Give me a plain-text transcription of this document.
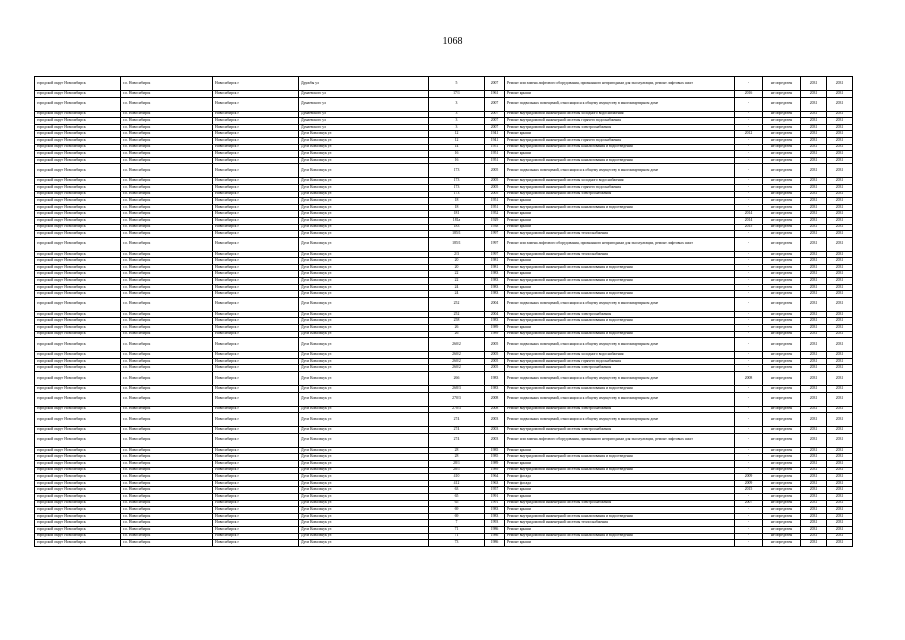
1068
городской округ Новосибирск	г.о. Новосибирск	Новосибирск г	Дружбы ул	5	2007	Ремонт или замена лифтового оборудования, признанного непригодным для эксплуатации, ремонт лифтовых шахт	-	не определен	2031	2031
городской округ Новосибирск	г.о. Новосибирск	Новосибирск г	Дунаевского ул	17/1	1961	Ремонт крыши	2016	не определен	2031	2031
городской округ Новосибирск	г.о. Новосибирск	Новосибирск г	Дунаевского ул	3	2007	Ремонт подвальных помещений, относящихся к общему имуществу в многоквартирном доме	-	не определен	2031	2031
городской округ Новосибирск	г.о. Новосибирск	Новосибирск г	Дунаевского ул	3	2007	Ремонт внутридомовой инженерной системы холодного водоснабжения	-	не определен	2031	2031
городской округ Новосибирск	г.о. Новосибирск	Новосибирск г	Дунаевского ул	3	2007	Ремонт внутридомовой инженерной системы горячего водоснабжения	-	не определен	2031	2031
городской округ Новосибирск	г.о. Новосибирск	Новосибирск г	Дунаевского ул	3	2007	Ремонт внутридомовой инженерной системы электроснабжения	-	не определен	2031	2031
городской округ Новосибирск	г.о. Новосибирск	Новосибирск г	Дуси Ковальчук ул	12	1941	Ремонт крыши	2012	не определен	2031	2031
городской округ Новосибирск	г.о. Новосибирск	Новосибирск г	Дуси Ковальчук ул	12	1941	Ремонт внутридомовой инженерной системы горячего водоснабжения	-	не определен	2031	2031
городской округ Новосибирск	г.о. Новосибирск	Новосибирск г	Дуси Ковальчук ул	14	1951	Ремонт внутридомовой инженерной системы канализования и водоотведения	-	не определен	2031	2031
городской округ Новосибирск	г.о. Новосибирск	Новосибирск г	Дуси Ковальчук ул	16	1951	Ремонт крыши	-	не определен	2031	2031
городской округ Новосибирск	г.о. Новосибирск	Новосибирск г	Дуси Ковальчук ул	16	1951	Ремонт внутридомовой инженерной системы канализования и водоотведения	-	не определен	2031	2031
городской округ Новосибирск	г.о. Новосибирск	Новосибирск г	Дуси Ковальчук ул	173	2005	Ремонт подвальных помещений, относящихся к общему имуществу в многоквартирном доме	-	не определен	2031	2031
городской округ Новосибирск	г.о. Новосибирск	Новосибирск г	Дуси Ковальчук ул	173	2005	Ремонт внутридомовой инженерной системы холодного водоснабжения	-	не определен	2031	2031
городской округ Новосибирск	г.о. Новосибирск	Новосибирск г	Дуси Ковальчук ул	173	2005	Ремонт внутридомовой инженерной системы горячего водоснабжения	-	не определен	2031	2031
городской округ Новосибирск	г.о. Новосибирск	Новосибирск г	Дуси Ковальчук ул	173	2005	Ремонт внутридомовой инженерной системы электроснабжения	-	не определен	2031	2031
городской округ Новосибирск	г.о. Новосибирск	Новосибирск г	Дуси Ковальчук ул	18	1951	Ремонт крыши	-	не определен	2031	2031
городской округ Новосибирск	г.о. Новосибирск	Новосибирск г	Дуси Ковальчук ул	18	1951	Ремонт внутридомовой инженерной системы канализования и водоотведения	-	не определен	2031	2031
городской округ Новосибирск	г.о. Новосибирск	Новосибирск г	Дуси Ковальчук ул	181	1952	Ремонт крыши	2014	не определен	2031	2031
городской округ Новосибирск	г.о. Новосибирск	Новосибирск г	Дуси Ковальчук ул	181а	1929	Ремонт крыши	2014	не определен	2031	2031
городской округ Новосибирск	г.о. Новосибирск	Новосибирск г	Дуси Ковальчук ул	183	1938	Ремонт крыши	2015	не определен	2031	2031
городской округ Новосибирск	г.о. Новосибирск	Новосибирск г	Дуси Ковальчук ул	185/1	1997	Ремонт внутридомовой инженерной системы теплоснабжения	-	не определен	2031	2031
городской округ Новосибирск	г.о. Новосибирск	Новосибирск г	Дуси Ковальчук ул	185/1	1997	Ремонт или замена лифтового оборудования, признанного непригодным для эксплуатации, ремонт лифтовых шахт	-	не определен	2031	2031
городской округ Новосибирск	г.о. Новосибирск	Новосибирск г	Дуси Ковальчук ул	2/3	1997	Ремонт внутридомовой инженерной системы теплоснабжения	-	не определен	2031	2031
городской округ Новосибирск	г.о. Новосибирск	Новосибирск г	Дуси Ковальчук ул	20	1981	Ремонт крыши	-	не определен	2031	2031
городской округ Новосибирск	г.о. Новосибирск	Новосибирск г	Дуси Ковальчук ул	20	1981	Ремонт внутридомовой инженерной системы канализования и водоотведения	-	не определен	2031	2031
городской округ Новосибирск	г.о. Новосибирск	Новосибирск г	Дуси Ковальчук ул	22	1983	Ремонт крыши	-	не определен	2031	2031
городской округ Новосибирск	г.о. Новосибирск	Новосибирск г	Дуси Ковальчук ул	22	1983	Ремонт внутридомовой инженерной системы канализования и водоотведения	-	не определен	2031	2031
городской округ Новосибирск	г.о. Новосибирск	Новосибирск г	Дуси Ковальчук ул	24	1983	Ремонт крыши	-	не определен	2031	2031
городской округ Новосибирск	г.о. Новосибирск	Новосибирск г	Дуси Ковальчук ул	24	1983	Ремонт внутридомовой инженерной системы канализования и водоотведения	-	не определен	2031	2031
городской округ Новосибирск	г.о. Новосибирск	Новосибирск г	Дуси Ковальчук ул	252	2004	Ремонт подвальных помещений, относящихся к общему имуществу в многоквартирном доме	-	не определен	2031	2031
городской округ Новосибирск	г.о. Новосибирск	Новосибирск г	Дуси Ковальчук ул	252	2004	Ремонт внутридомовой инженерной системы электроснабжения	-	не определен	2031	2031
городской округ Новосибирск	г.о. Новосибирск	Новосибирск г	Дуси Ковальчук ул	258	1983	Ремонт внутридомовой инженерной системы канализования и водоотведения	-	не определен	2031	2031
городской округ Новосибирск	г.о. Новосибирск	Новосибирск г	Дуси Ковальчук ул	26	1989	Ремонт крыши	-	не определен	2031	2031
городской округ Новосибирск	г.о. Новосибирск	Новосибирск г	Дуси Ковальчук ул	26	1989	Ремонт внутридомовой инженерной системы канализования и водоотведения	-	не определен	2031	2031
городской округ Новосибирск	г.о. Новосибирск	Новосибирск г	Дуси Ковальчук ул	260/2	2005	Ремонт подвальных помещений, относящихся к общему имуществу в многоквартирном доме	-	не определен	2031	2031
городской округ Новосибирск	г.о. Новосибирск	Новосибирск г	Дуси Ковальчук ул	260/2	2005	Ремонт внутридомовой инженерной системы холодного водоснабжения	-	не определен	2031	2031
городской округ Новосибирск	г.о. Новосибирск	Новосибирск г	Дуси Ковальчук ул	260/2	2005	Ремонт внутридомовой инженерной системы горячего водоснабжения	-	не определен	2031	2031
городской округ Новосибирск	г.о. Новосибирск	Новосибирск г	Дуси Ковальчук ул	260/2	2005	Ремонт внутридомовой инженерной системы электроснабжения	-	не определен	2031	2031
городской округ Новосибирск	г.о. Новосибирск	Новосибирск г	Дуси Ковальчук ул	266	1983	Ремонт подвальных помещений, относящихся к общему имуществу в многоквартирном доме	2008	не определен	2031	2031
городской округ Новосибирск	г.о. Новосибирск	Новосибирск г	Дуси Ковальчук ул	268/3	1983	Ремонт внутридомовой инженерной системы канализования и водоотведения	-	не определен	2031	2031
городской округ Новосибирск	г.о. Новосибирск	Новосибирск г	Дуси Ковальчук ул	270/3	2008	Ремонт подвальных помещений, относящихся к общему имуществу в многоквартирном доме	-	не определен	2031	2031
городской округ Новосибирск	г.о. Новосибирск	Новосибирск г	Дуси Ковальчук ул	270/3	2008	Ремонт внутридомовой инженерной системы электроснабжения	-	не определен	2031	2031
городской округ Новосибирск	г.о. Новосибирск	Новосибирск г	Дуси Ковальчук ул	274	2003	Ремонт подвальных помещений, относящихся к общему имуществу в многоквартирном доме	-	не определен	2031	2031
городской округ Новосибирск	г.о. Новосибирск	Новосибирск г	Дуси Ковальчук ул	274	2003	Ремонт внутридомовой инженерной системы электроснабжения	-	не определен	2031	2031
городской округ Новосибирск	г.о. Новосибирск	Новосибирск г	Дуси Ковальчук ул	274	2003	Ремонт или замена лифтового оборудования, признанного непригодным для эксплуатации, ремонт лифтовых шахт	-	не определен	2031	2031
городской округ Новосибирск	г.о. Новосибирск	Новосибирск г	Дуси Ковальчук ул	28	1985	Ремонт крыши	-	не определен	2031	2031
городской округ Новосибирск	г.о. Новосибирск	Новосибирск г	Дуси Ковальчук ул	28	1985	Ремонт внутридомовой инженерной системы канализования и водоотведения	-	не определен	2031	2031
городской округ Новосибирск	г.о. Новосибирск	Новосибирск г	Дуси Ковальчук ул	28/1	1989	Ремонт крыши	-	не определен	2031	2031
городской округ Новосибирск	г.о. Новосибирск	Новосибирск г	Дуси Ковальчук ул	28/1	1989	Ремонт внутридомовой инженерной системы канализования и водоотведения	-	не определен	2031	2031
городской округ Новосибирск	г.о. Новосибирск	Новосибирск г	Дуси Ковальчук ул	410	1964	Ремонт фасада	2009	не определен	2031	2031
городской округ Новосибирск	г.о. Новосибирск	Новосибирск г	Дуси Ковальчук ул	412	1963	Ремонт фасада	2009	не определен	2031	2031
городской округ Новосибирск	г.о. Новосибирск	Новосибирск г	Дуси Ковальчук ул	63	1957	Ремонт крыши	2015	не определен	2031	2031
городской округ Новосибирск	г.о. Новосибирск	Новосибирск г	Дуси Ковальчук ул	65	1991	Ремонт крыши	-	не определен	2031	2031
городской округ Новосибирск	г.о. Новосибирск	Новосибирск г	Дуси Ковальчук ул	65	1991	Ремонт внутридомовой инженерной системы электроснабжения	2007	не определен	2031	2031
городской округ Новосибирск	г.о. Новосибирск	Новосибирск г	Дуси Ковальчук ул	69	1983	Ремонт крыши	-	не определен	2031	2031
городской округ Новосибирск	г.о. Новосибирск	Новосибирск г	Дуси Ковальчук ул	69	1983	Ремонт внутридомовой инженерной системы канализования и водоотведения	-	не определен	2031	2031
городской округ Новосибирск	г.о. Новосибирск	Новосибирск г	Дуси Ковальчук ул	7	1993	Ремонт внутридомовой инженерной системы теплоснабжения	-	не определен	2031	2031
городской округ Новосибирск	г.о. Новосибирск	Новосибирск г	Дуси Ковальчук ул	71	1986	Ремонт крыши	-	не определен	2031	2031
городской округ Новосибирск	г.о. Новосибирск	Новосибирск г	Дуси Ковальчук ул	71	1986	Ремонт внутридомовой инженерной системы канализования и водоотведения	-	не определен	2031	2031
городской округ Новосибирск	г.о. Новосибирск	Новосибирск г	Дуси Ковальчук ул	73	1986	Ремонт крыши	-	не определен	2031	2031
